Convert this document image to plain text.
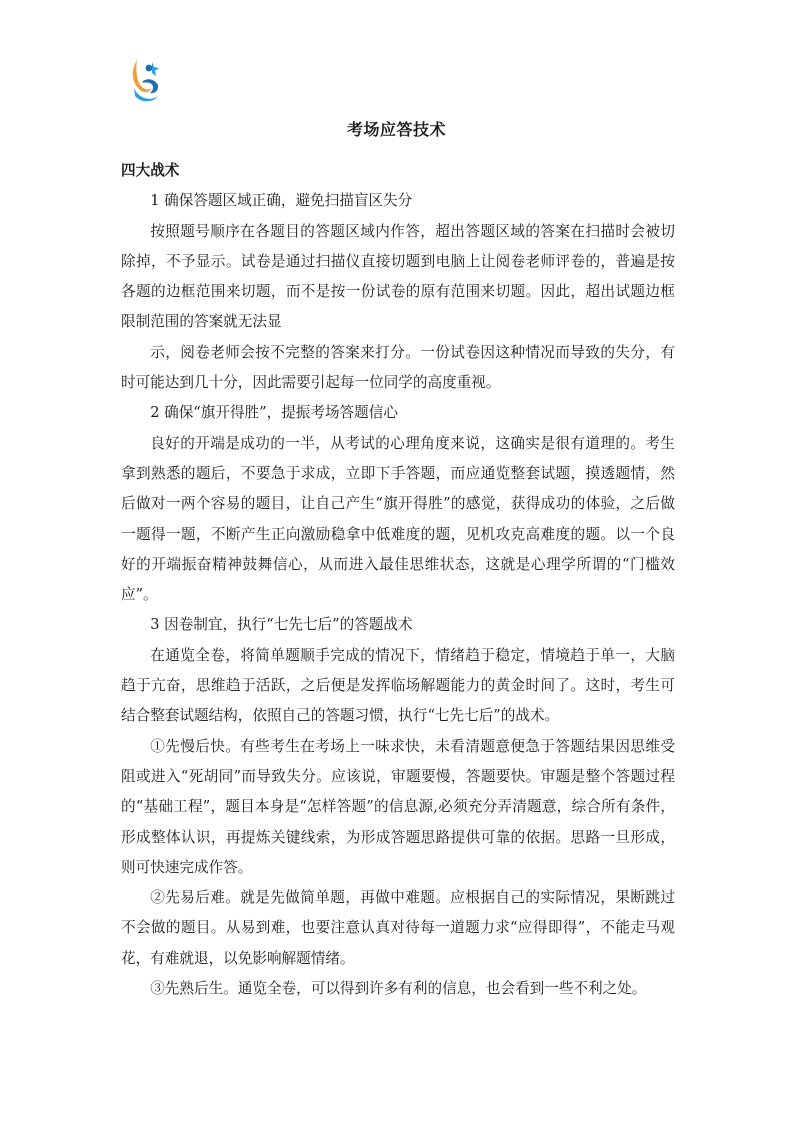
考场应答技术

四大战术

1 确保答题区域正确，避免扫描盲区失分

按照题号顺序在各题目的答题区域内作答，超出答题区域的答案在扫描时会被切除掉，不予显示。试卷是通过扫描仪直接切题到电脑上让阅卷老师评卷的，普遍是按各题的边框范围来切题，而不是按一份试卷的原有范围来切题。因此，超出试题边框限制范围的答案就无法显

示，阅卷老师会按不完整的答案来打分。一份试卷因这种情况而导致的失分，有时可能达到几十分，因此需要引起每一位同学的高度重视。

2 确保“旗开得胜”，提振考场答题信心

良好的开端是成功的一半，从考试的心理角度来说，这确实是很有道理的。考生拿到熟悉的题后，不要急于求成，立即下手答题，而应通览整套试题，摸透题情，然后做对一两个容易的题目，让自己产生“旗开得胜”的感觉，获得成功的体验，之后做一题得一题，不断产生正向激励稳拿中低难度的题，见机攻克高难度的题。以一个良好的开端振奋精神鼓舞信心，从而进入最佳思维状态，这就是心理学所谓的“门槛效应”。

3 因卷制宜，执行“七先七后”的答题战术

在通览全卷，将简单题顺手完成的情况下，情绪趋于稳定，情境趋于单一，大脑趋于亢奋，思维趋于活跃，之后便是发挥临场解题能力的黄金时间了。这时，考生可结合整套试题结构，依照自己的答题习惯，执行“七先七后”的战术。

①先慢后快。有些考生在考场上一味求快，未看清题意便急于答题结果因思维受阻或进入“死胡同”而导致失分。应该说，审题要慢，答题要快。审题是整个答题过程的“基础工程”，题目本身是“怎样答题”的信息源,必须充分弄清题意，综合所有条件，形成整体认识，再提炼关键线索，为形成答题思路提供可靠的依据。思路一旦形成，则可快速完成作答。

②先易后难。就是先做简单题，再做中难题。应根据自己的实际情况，果断跳过不会做的题目。从易到难，也要注意认真对待每一道题力求“应得即得”，不能走马观花，有难就退，以免影响解题情绪。

③先熟后生。通览全卷，可以得到许多有利的信息，也会看到一些不利之处。
